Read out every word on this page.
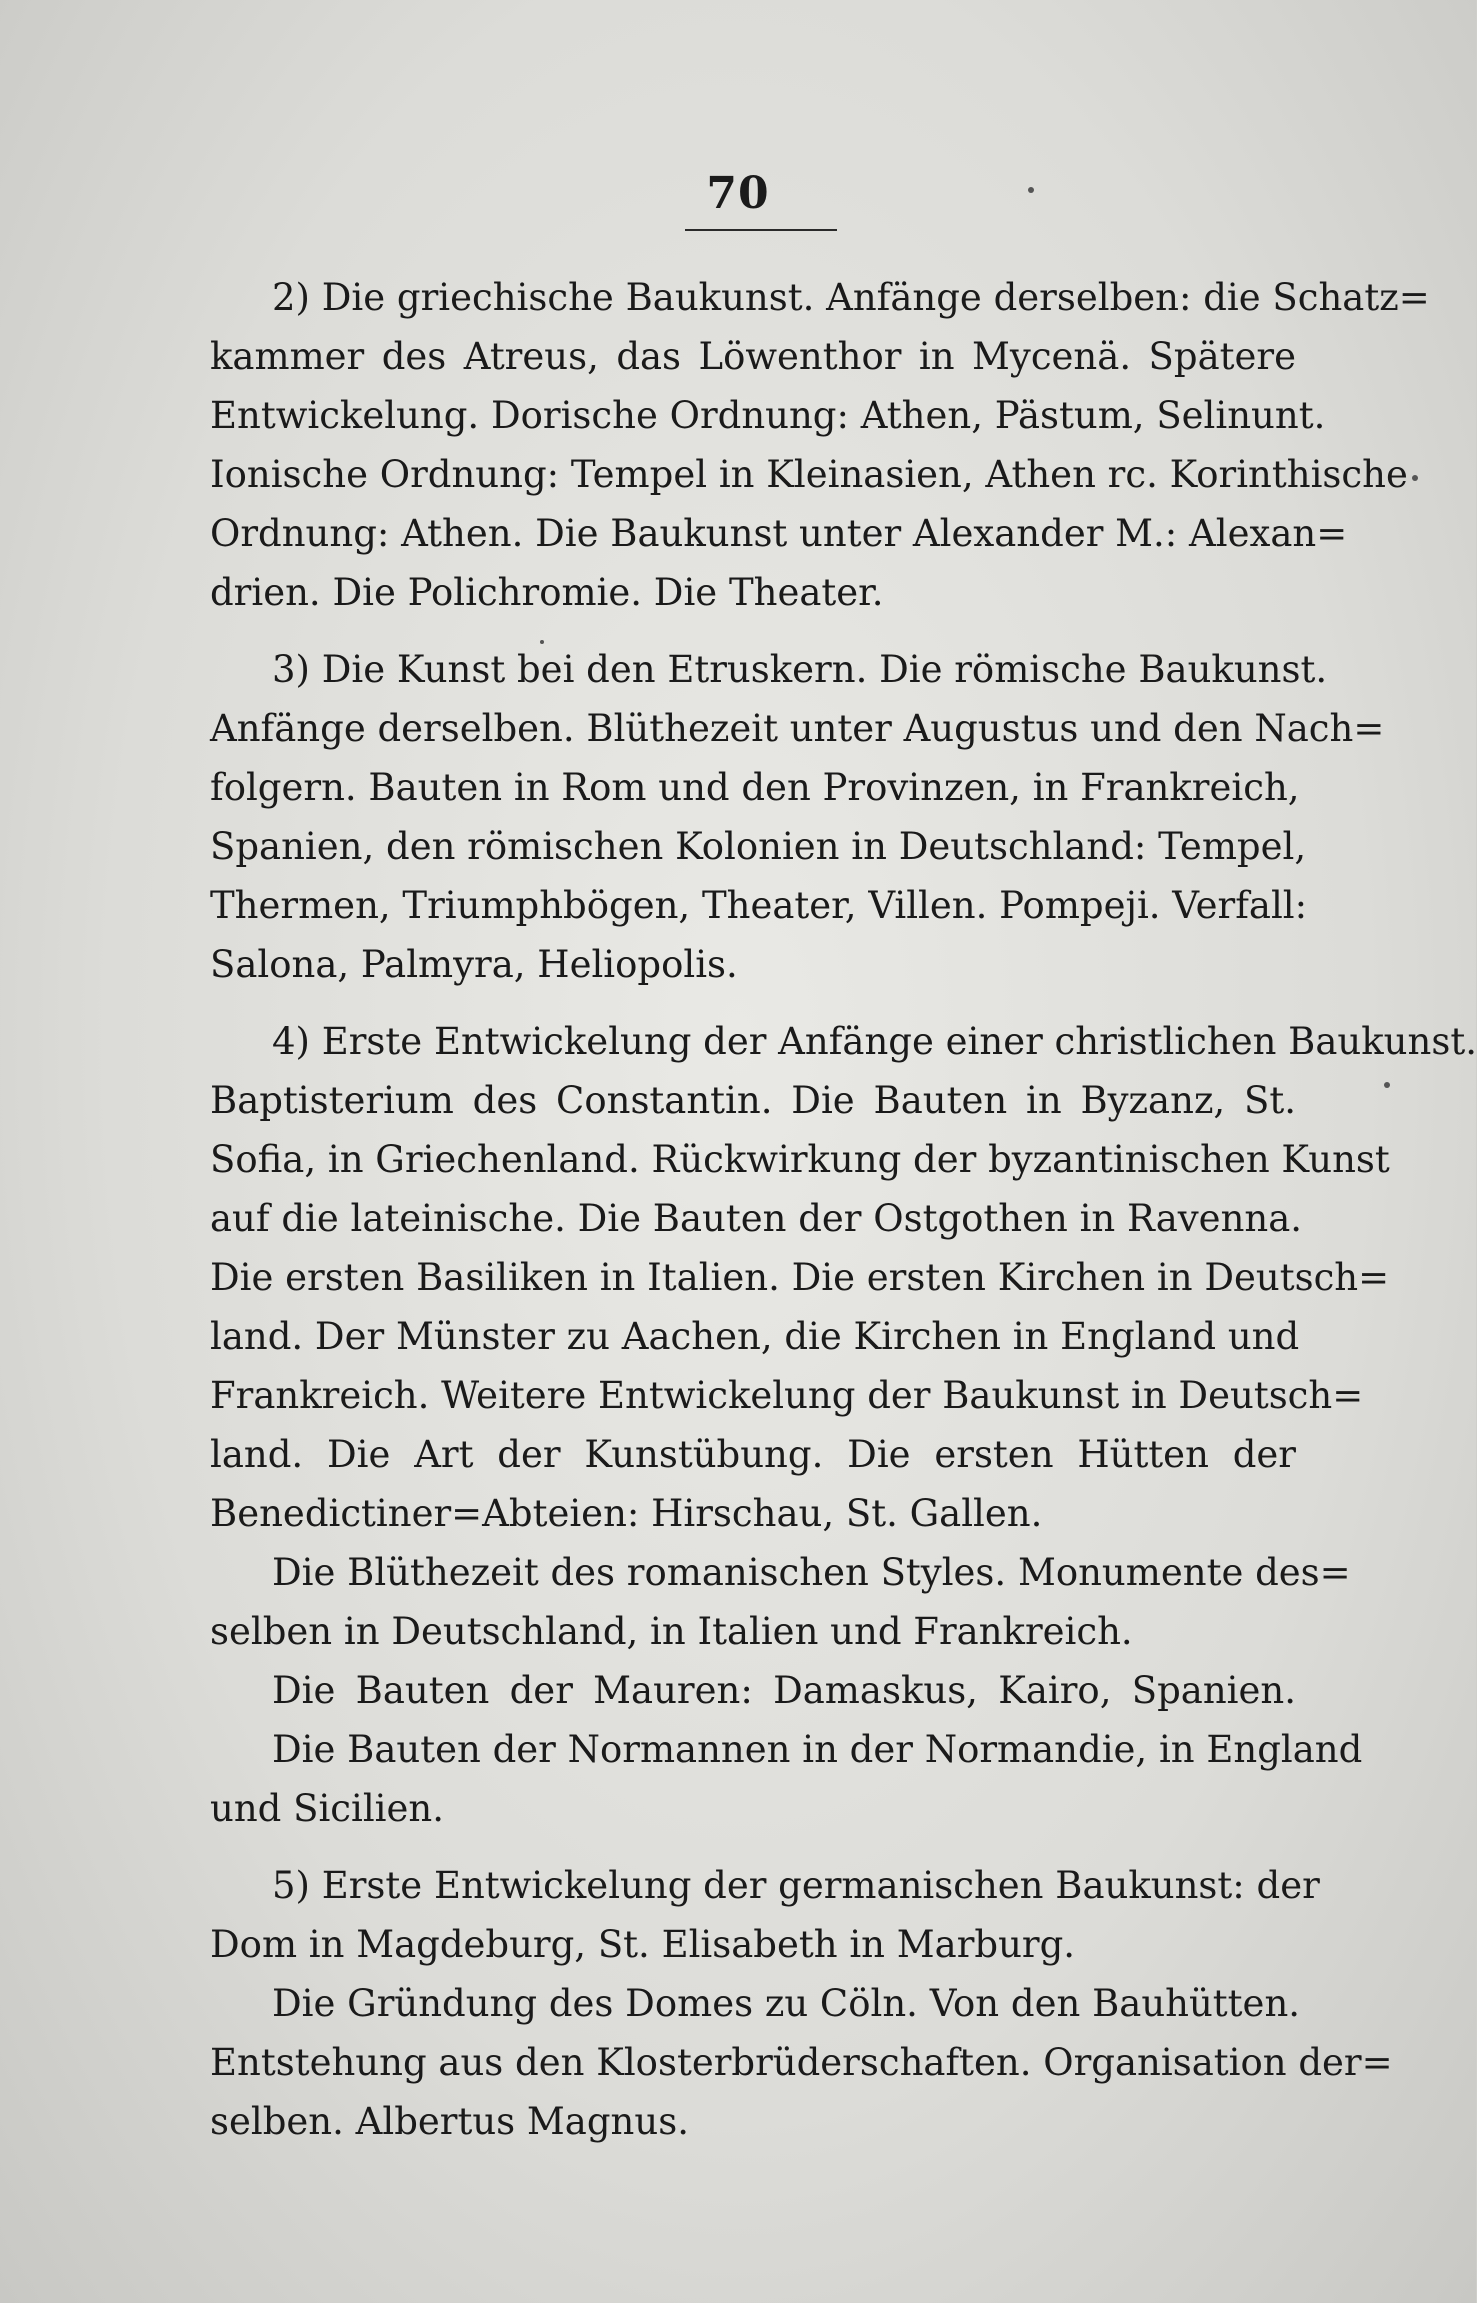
70
2) Die griechische Baukunst. Anfänge derselben: die Schatz=
kammer des Atreus, das Löwenthor in Mycenä. Spätere
Entwickelung. Dorische Ordnung: Athen, Pästum, Selinunt.
Ionische Ordnung: Tempel in Kleinasien, Athen rc. Korinthische
Ordnung: Athen. Die Baukunst unter Alexander M.: Alexan=
drien. Die Polichromie. Die Theater.
3) Die Kunst bei den Etruskern. Die römische Baukunst.
Anfänge derselben. Blüthezeit unter Augustus und den Nach=
folgern. Bauten in Rom und den Provinzen, in Frankreich,
Spanien, den römischen Kolonien in Deutschland: Tempel,
Thermen, Triumphbögen, Theater, Villen. Pompeji. Verfall:
Salona, Palmyra, Heliopolis.
4) Erste Entwickelung der Anfänge einer christlichen Baukunst.
Baptisterium des Constantin. Die Bauten in Byzanz, St.
Sofia, in Griechenland. Rückwirkung der byzantinischen Kunst
auf die lateinische. Die Bauten der Ostgothen in Ravenna.
Die ersten Basiliken in Italien. Die ersten Kirchen in Deutsch=
land. Der Münster zu Aachen, die Kirchen in England und
Frankreich. Weitere Entwickelung der Baukunst in Deutsch=
land. Die Art der Kunstübung. Die ersten Hütten der
Benedictiner=Abteien: Hirschau, St. Gallen.
Die Blüthezeit des romanischen Styles. Monumente des=
selben in Deutschland, in Italien und Frankreich.
Die Bauten der Mauren: Damaskus, Kairo, Spanien.
Die Bauten der Normannen in der Normandie, in England
und Sicilien.
5) Erste Entwickelung der germanischen Baukunst: der
Dom in Magdeburg, St. Elisabeth in Marburg.
Die Gründung des Domes zu Cöln. Von den Bauhütten.
Entstehung aus den Klosterbrüderschaften. Organisation der=
selben. Albertus Magnus.
